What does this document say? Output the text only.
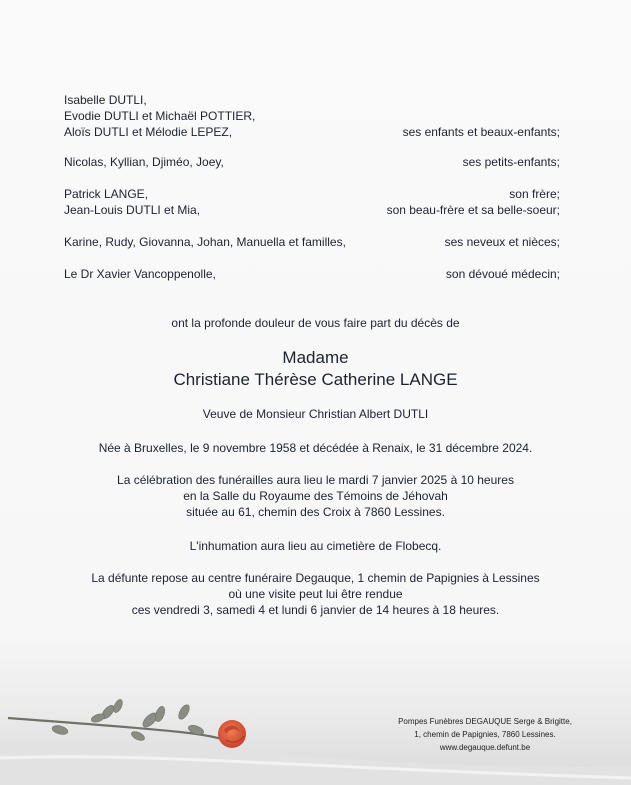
Isabelle DUTLI,
Evodie DUTLI et Michaël POTTIER,
Aloïs DUTLI et Mélodie LEPEZ,	ses enfants et beaux-enfants;
Nicolas, Kyllian, Djiméo, Joey,	ses petits-enfants;
Patrick LANGE,	son frère;
Jean-Louis DUTLI et Mia,	son beau-frère et sa belle-soeur;
Karine, Rudy, Giovanna, Johan, Manuella et familles,	ses neveux et nièces;
Le Dr Xavier Vancoppenolle,	son dévoué médecin;
ont la profonde douleur de vous faire part du décès de
Madame
Christiane Thérèse Catherine LANGE
Veuve de Monsieur Christian Albert DUTLI
Née à Bruxelles, le 9 novembre 1958 et décédée à Renaix, le 31 décembre 2024.
La célébration des funérailles aura lieu le mardi 7 janvier 2025 à 10 heures
en la Salle du Royaume des Témoins de Jéhovah
située au 61, chemin des Croix à 7860 Lessines.
L'inhumation aura lieu au cimetière de Flobecq.
La défunte repose au centre funéraire Degauque, 1 chemin de Papignies à Lessines
où une visite peut lui être rendue
ces vendredi 3, samedi 4 et lundi 6 janvier de 14 heures à 18 heures.
Pompes Funèbres DEGAUQUE Serge & Brigitte,
1, chemin de Papignies, 7860 Lessines.
www.degauque.defunt.be
